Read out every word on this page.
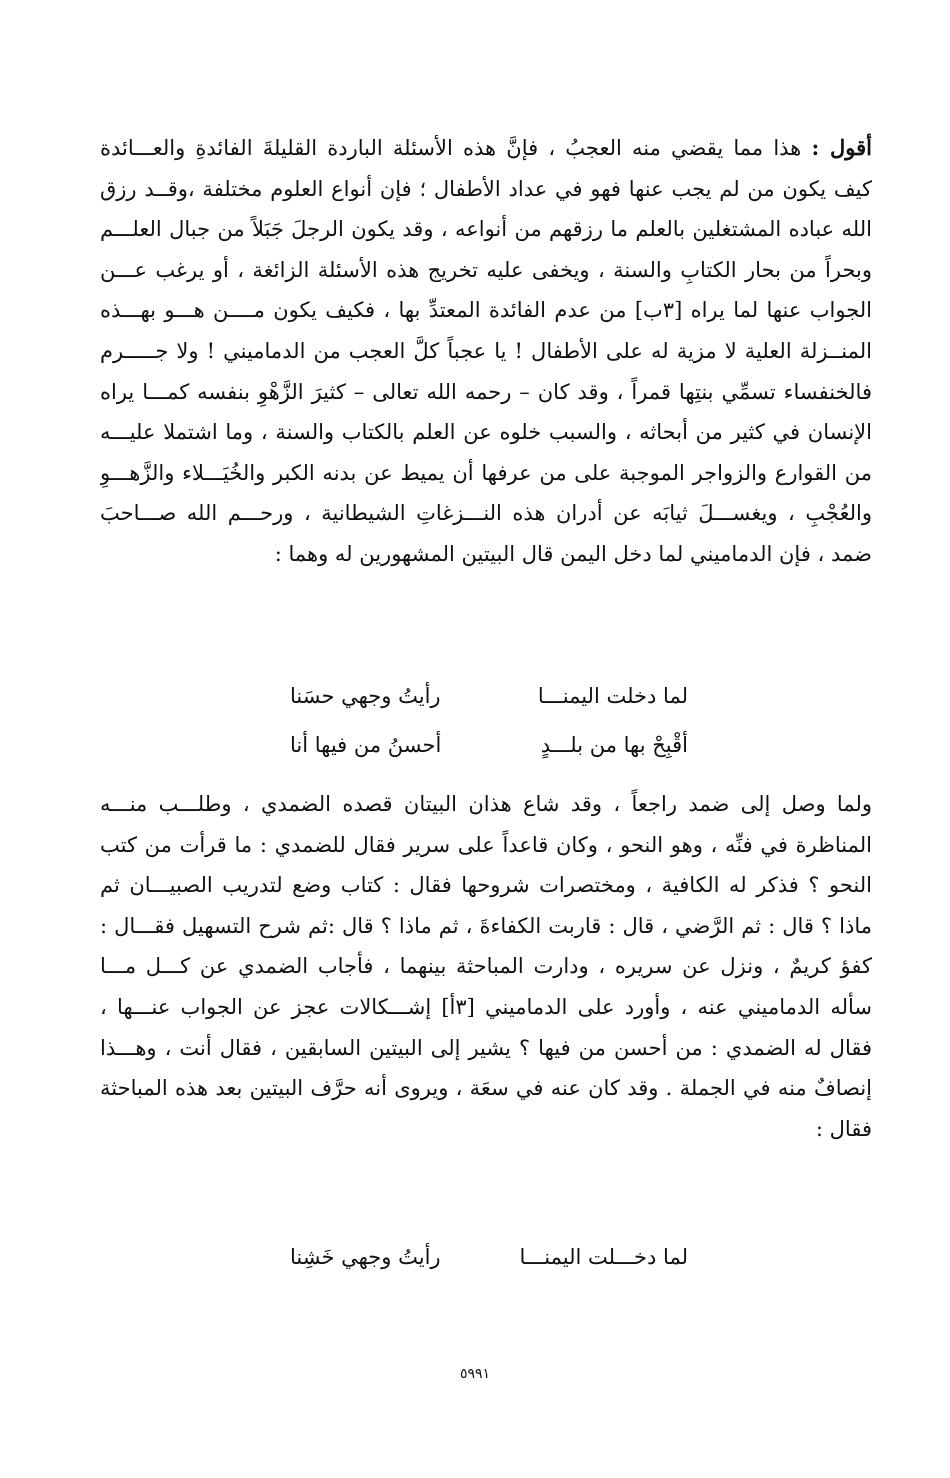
أقول : هذا مما يقضي منه العجبُ ، فإنَّ هذه الأسئلة الباردة القليلةَ الفائدةِ والعـــائدة
كيف يكون من لم يجب عنها فهو في عداد الأطفال ؛ فإن أنواع العلوم مختلفة ،وقــد رزق
الله عباده المشتغلين بالعلم ما رزقهم من أنواعه ، وقد يكون الرجلَ جَبَلاً من جبال العلـــم
وبحراً من بحار الكتابِ والسنة ، ويخفى عليه تخريج هذه الأسئلة الزائغة ، أو يرغب عـــن
الجواب عنها لما يراه [٣ب] من عدم الفائدة المعتدِّ بها ، فكيف يكون مــــن هـــو بهـــذه
المنــزلة العلية لا مزية له على الأطفال ! يا عجباً كلَّ العجب من الدماميني ! ولا جـــــرم
فالخنفساء تسمِّي بنتِها قمراً ، وقد كان – رحمه الله تعالى – كثيرَ الزَّهْوِ بنفسه كمـــا يراه
الإنسان في كثير من أبحاثه ، والسبب خلوه عن العلم بالكتاب والسنة ، وما اشتملا عليـــه
من القوارع والزواجر الموجبة على من عرفها أن يميط عن بدنه الكبر والخُيَـــلاء والزَّهـــوِ
والعُجْبِ ، ويغســـلَ ثيابَه عن أدران هذه النـــزغاتِ الشيطانية ، ورحـــم الله صـــاحبَ
ضمد ، فإن الدماميني لما دخل اليمن قال البيتين المشهورين له وهما :
لما دخلت اليمنـــا
رأيتُ وجهي حسَنا
أقْبِحْ بها من بلـــدٍ
أحسنُ من فيها أنا
ولما وصل إلى ضمد راجعاً ، وقد شاع هذان البيتان قصده الضمدي ، وطلـــب منـــه
المناظرة في فنِّه ، وهو النحو ، وكان قاعداً على سرير فقال للضمدي : ما قرأت من كتب
النحو ؟ فذكر له الكافية ، ومختصرات شروحها فقال : كتاب وضع لتدريب الصبيـــان ثم
ماذا ؟ قال : ثم الرَّضي ، قال : قاربت الكفاءةَ ، ثم ماذا ؟ قال :ثم شرح التسهيل فقـــال :
كفؤ كريمٌ ، ونزل عن سريره ، ودارت المباحثة بينهما ، فأجاب الضمدي عن كـــل مـــا
سأله الدماميني عنه ، وأورد على الدماميني [٣أ] إشـــكالات عجز عن الجواب عنـــها ،
فقال له الضمدي : من أحسن من فيها ؟ يشير إلى البيتين السابقين ، فقال أنت ، وهـــذا
إنصافٌ منه في الجملة . وقد كان عنه في سعَة ، ويروى أنه حرَّف البيتين بعد هذه المباحثة
فقال :
لما دخـــلت اليمنـــا
رأيتُ وجهي خَشِنا
٥٩٩١
